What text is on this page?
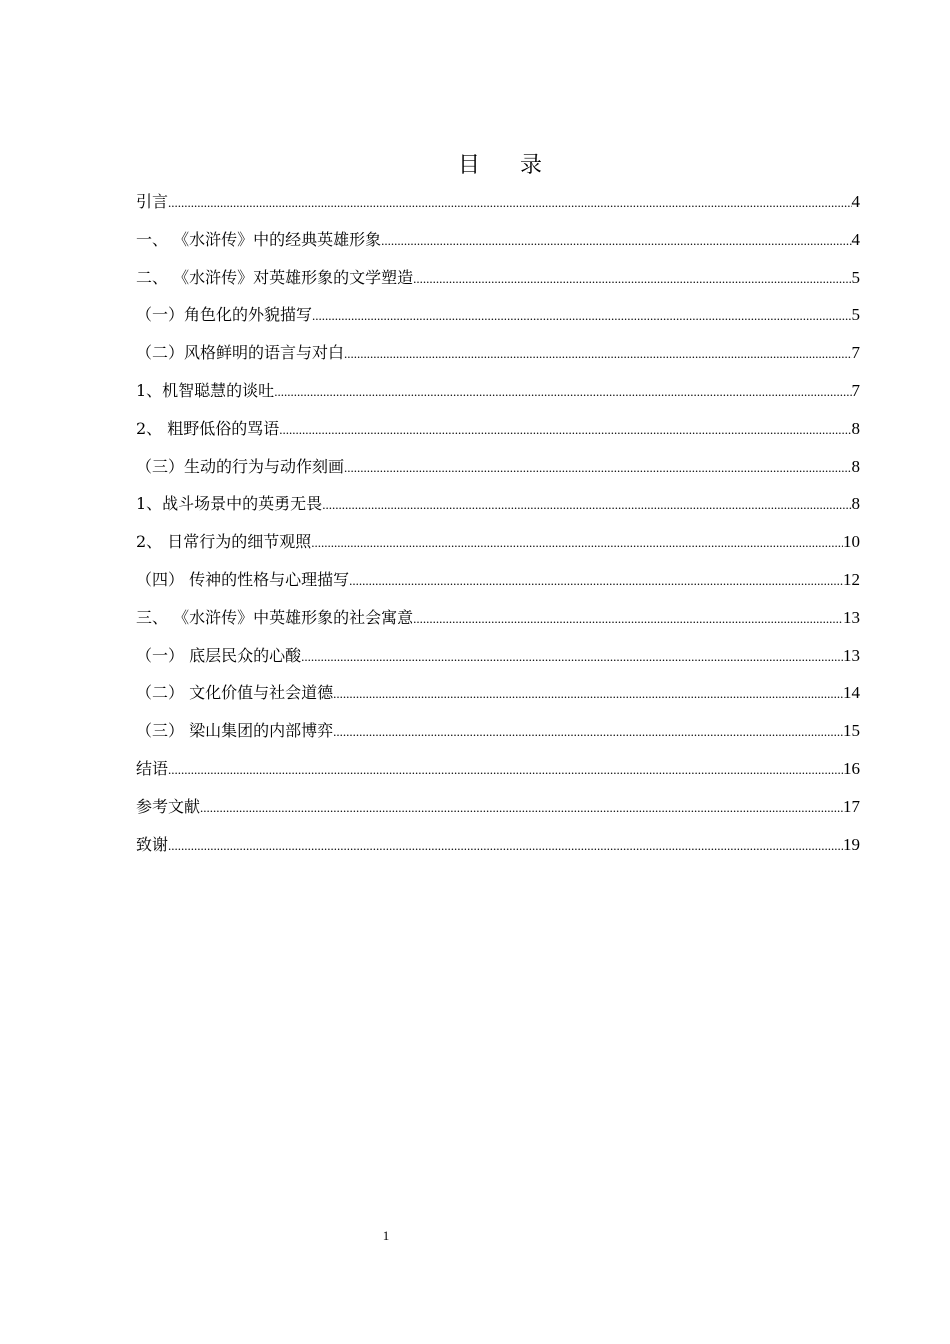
目 录
引言 .....	4
一、 《水浒传》中的经典英雄形象 .....	4
二、 《水浒传》对英雄形象的文学塑造 .....	5
（一）角色化的外貌描写 .....	5
（二）风格鲜明的语言与对白 .....	7
1、机智聪慧的谈吐 .....	7
2、 粗野低俗的骂语 .....	8
（三）生动的行为与动作刻画 .....	8
1、战斗场景中的英勇无畏 .....	8
2、 日常行为的细节观照 .....	10
（四） 传神的性格与心理描写 .....	12
三、 《水浒传》中英雄形象的社会寓意 .....	13
（一） 底层民众的心酸 .....	13
（二） 文化价值与社会道德 .....	14
（三） 梁山集团的内部博弈 .....	15
结语 .....	16
参考文献 .....	17
致谢 .....	19
1
